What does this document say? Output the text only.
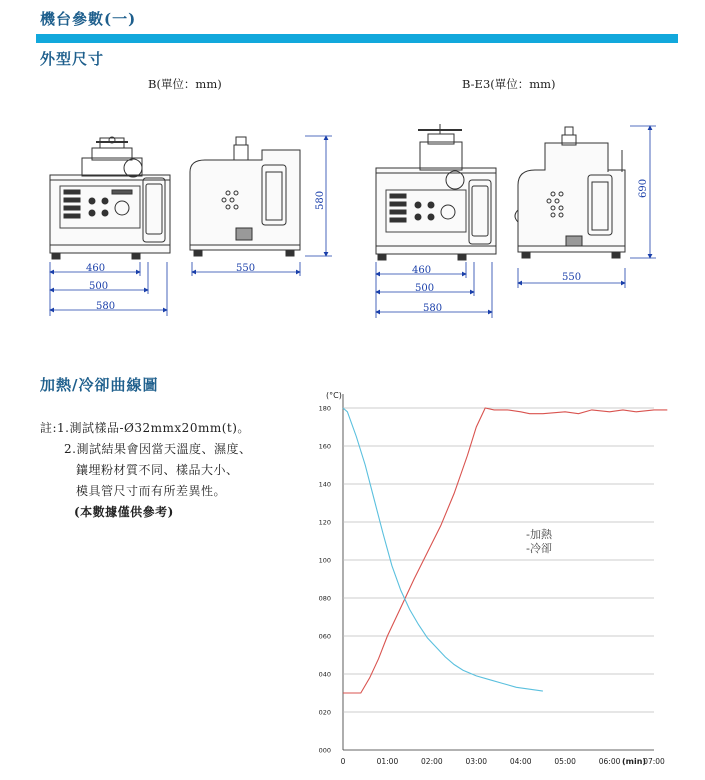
機台參數(一)
外型尺寸
B(單位：mm)	B-E3(單位：mm)
460
500
580
550
580
460
500
580
550
690
加熱/冷卻曲線圖
註:1.測試樣品-Ø32mmx20mm(t)。
2.測試結果會因當天溫度、濕度、
鑲埋粉材質不同、樣品大小、
模具管尺寸而有所差異性。
(本數據僅供參考)
000
020
040
060
080
100
120
140
160
180
0	01:00	02:00	03:00	04:00	05:00	06:00	07:00
(°C)
(min)
-加熱
-冷卻
